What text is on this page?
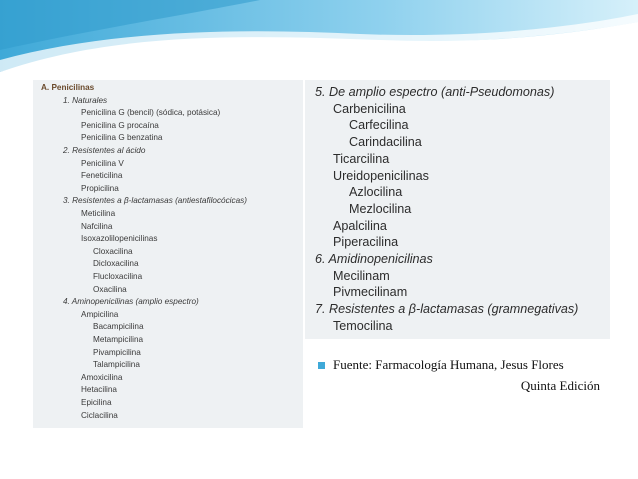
A. Penicilinas
1. Naturales
Penicilina G (bencil) (sódica, potásica)
Penicilina G procaína
Penicilina G benzatina
2. Resistentes al ácido
Penicilina V
Feneticilina
Propicilina
3. Resistentes a β-lactamasas (antiestafilocócicas)
Meticilina
Nafcilina
Isoxazolilopenicilinas
Cloxacilina
Dicloxacilina
Flucloxacilina
Oxacilina
4. Aminopenicilinas (amplio espectro)
Ampicilina
Bacampicilina
Metampicilina
Pivampicilina
Talampicilina
Amoxicilina
Hetacilina
Epicilina
Ciclacilina
5. De amplio espectro (anti-Pseudomonas)
Carbenicilina
Carfecilina
Carindacilina
Ticarcilina
Ureidopenicilinas
Azlocilina
Mezlocilina
Apalcilina
Piperacilina
6. Amidinopenicilinas
Mecilinam
Pivmecilinam
7. Resistentes a β-lactamasas (gramnegativas)
Temocilina
Fuente: Farmacología Humana, Jesus Flores
Quinta Edición
